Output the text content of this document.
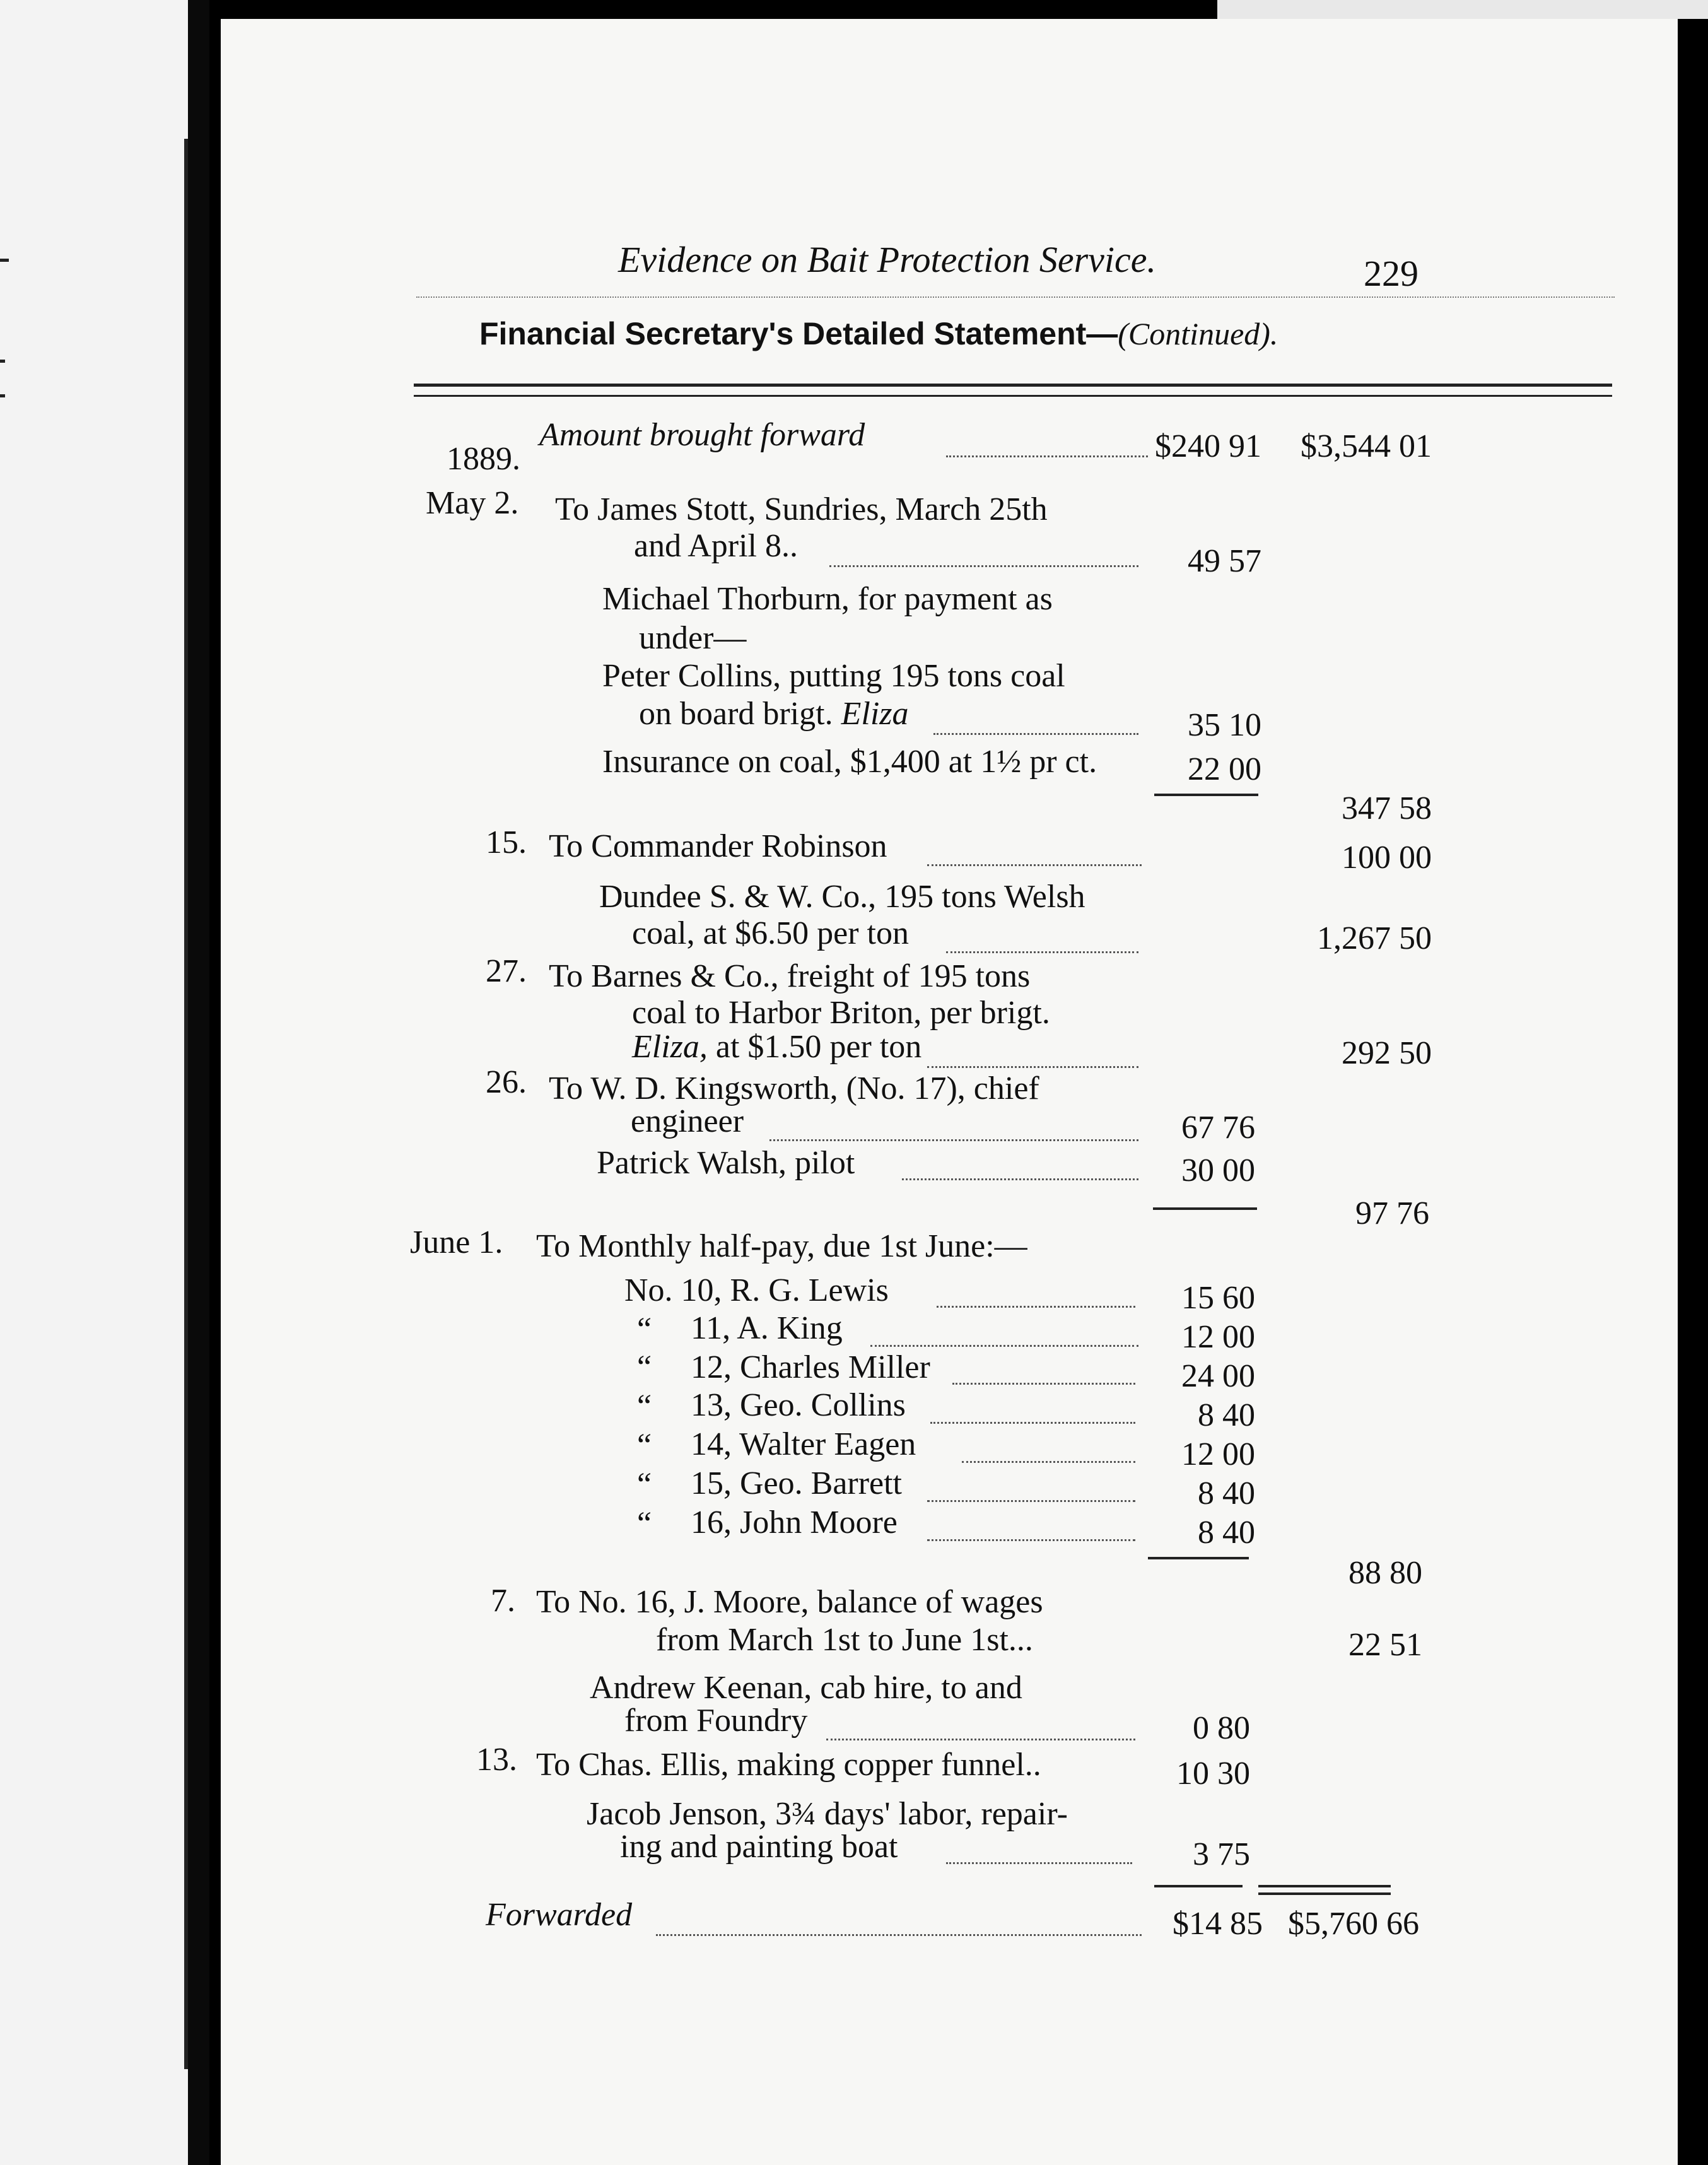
Evidence on Bait Protection Service.	229
Financial Secretary's Detailed Statement—(Continued).
Amount brought forward	$240 91	$3,544 01
1889.
May 2. To James Stott, Sundries, March 25th
and April 8..	49 57
Michael Thorburn, for payment as
under—
Peter Collins, putting 195 tons coal
on board brigt. Eliza	35 10
Insurance on coal, $1,400 at 1½ pr ct.	22 00
347 58
15. To Commander Robinson	100 00
Dundee S. & W. Co., 195 tons Welsh
coal, at $6.50 per ton	1,267 50
27. To Barnes & Co., freight of 195 tons
coal to Harbor Briton, per brigt.
Eliza, at $1.50 per ton	292 50
26. To W. D. Kingsworth, (No. 17), chief
engineer	67 76
Patrick Walsh, pilot	30 00
97 76
June 1. To Monthly half-pay, due 1st June:—
No. 10, R. G. Lewis	15 60
“ 11, A. King	12 00
“ 12, Charles Miller	24 00
“ 13, Geo. Collins	8 40
“ 14, Walter Eagen	12 00
“ 15, Geo. Barrett	8 40
“ 16, John Moore	8 40
88 80
7. To No. 16, J. Moore, balance of wages
from March 1st to June 1st...	22 51
Andrew Keenan, cab hire, to and
from Foundry	0 80
13. To Chas. Ellis, making copper funnel..	10 30
Jacob Jenson, 3¾ days' labor, repair-
ing and painting boat	3 75
Forwarded	$14 85 $5,760 66
